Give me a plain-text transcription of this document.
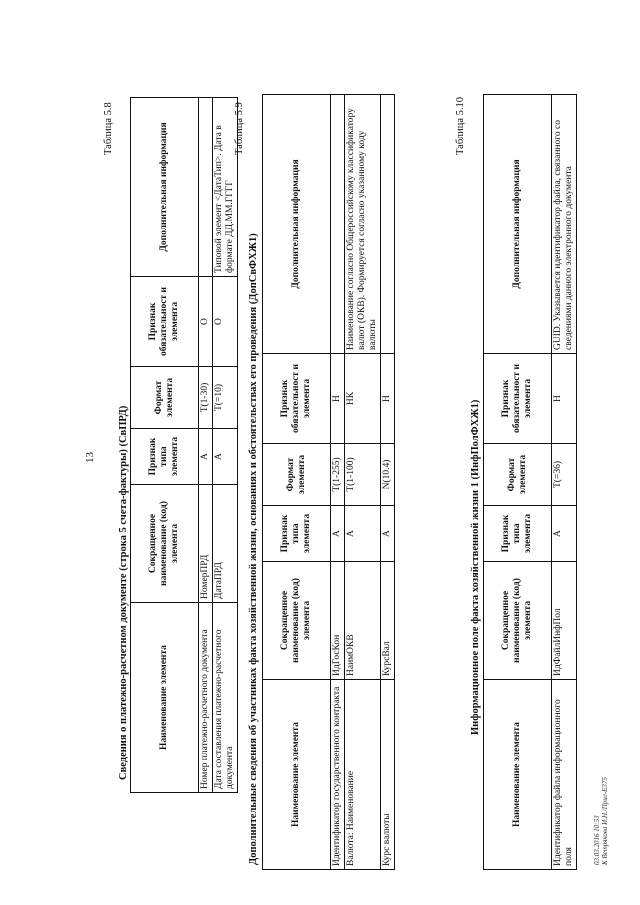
13
Таблица 5.8
Сведения о платежно-расчетном документе (строка 5 счета-фактуры) (СвПРД)	Наименование элемента	Сокращенное наименование (код) элемента	Признак типа элемента	Формат элемента	Признак обязательност и элемента	Дополнительная информация
Номер платежно-расчетного документа	НомерПРД	А	T(1-30)	О	
Дата составления платежно-расчетного документа	ДатаПРД	А	T(=10)	О	Типовой элемент <ДатаТип>. Дата в формате ДД.ММ.ГГГГ
Таблица 5.9
Дополнительные сведения об участниках факта хозяйственной жизни, основаниях и обстоятельствах его проведения (ДопСвФХЖ1)	Наименование элемента	Сокращенное наименование (код) элемента	Признак типа элемента	Формат элемента	Признак обязательност и элемента	Дополнительная информация
Идентификатор государственного контракта	ИдГосКон	А	T(1-255)	Н	
Валюта: Наименование	НаимОКВ	А	T(1-100)	НК	Наименование согласно Общероссийскому классификатору валют (ОКВ). Формируется согласно указанному коду валюты
Курс валюты	КурсВал	А	N(10.4)	Н	
Таблица 5.10
Информационное поле факта хозяйственной жизни 1 (ИнфПолФХЖ1)
Наименование элемента	Сокращенное наименование (код) элемента	Признак типа элемента	Формат элемента	Признак обязательност и элемента	Дополнительная информация
Идентификатор файла информационного поля	ИдФайлИнфПол	А	T(=36)	Н	GUID. Указывается идентификатор файла, связанного со сведениями данного электронного документа
03.03.2016 10:53 К Ветрякова И.Н./Прил-Е375
